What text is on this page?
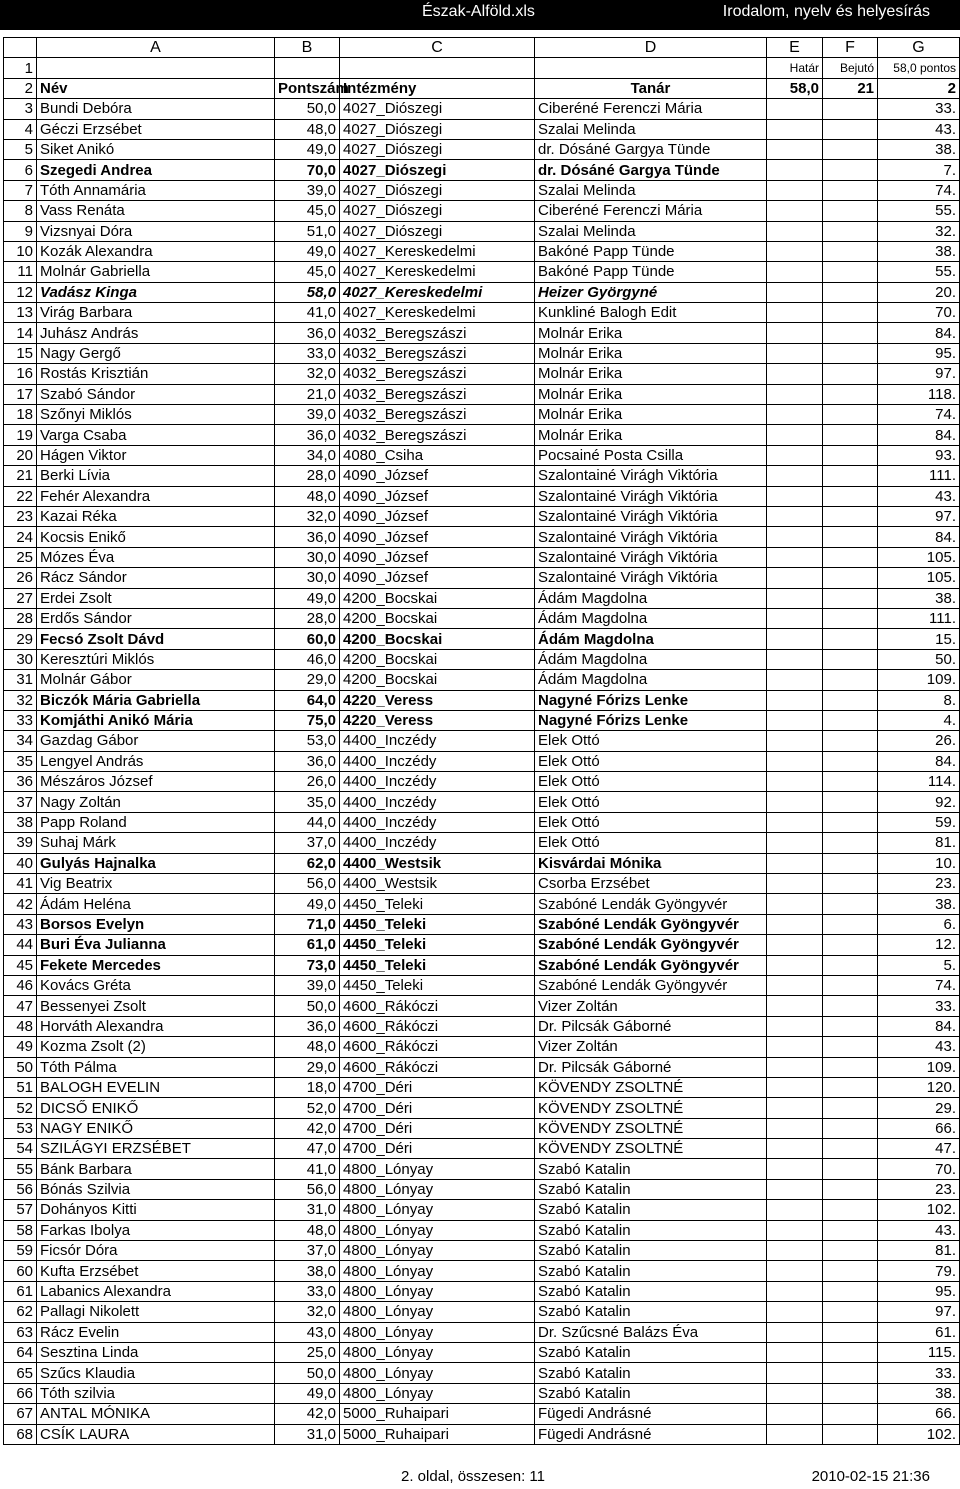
Észak-Alföld.xls	Irodalom, nyelv és helyesírás
	A	B	C	D	E	F	G
1					Határ	Bejutó	58,0 pontos
2	Név	Pontszám	Intézmény	Tanár	58,0	21	2
3	Bundi Debóra	50,0	4027_Diószegi	Ciberéné Ferenczi Mária			33.
4	Géczi Erzsébet	48,0	4027_Diószegi	Szalai Melinda			43.
5	Siket Anikó	49,0	4027_Diószegi	dr. Dósáné Gargya Tünde			38.
6	Szegedi Andrea	70,0	4027_Diószegi	dr. Dósáné Gargya Tünde			7.
7	Tóth Annamária	39,0	4027_Diószegi	Szalai Melinda			74.
8	Vass Renáta	45,0	4027_Diószegi	Ciberéné Ferenczi Mária			55.
9	Vizsnyai Dóra	51,0	4027_Diószegi	Szalai Melinda			32.
10	Kozák Alexandra	49,0	4027_Kereskedelmi	Bakóné Papp Tünde			38.
11	Molnár Gabriella	45,0	4027_Kereskedelmi	Bakóné Papp Tünde			55.
12	Vadász Kinga	58,0	4027_Kereskedelmi	Heizer Györgyné			20.
13	Virág Barbara	41,0	4027_Kereskedelmi	Kunkliné Balogh Edit			70.
14	Juhász András	36,0	4032_Beregszászi	Molnár Erika			84.
15	Nagy Gergő	33,0	4032_Beregszászi	Molnár Erika			95.
16	Rostás Krisztián	32,0	4032_Beregszászi	Molnár Erika			97.
17	Szabó Sándor	21,0	4032_Beregszászi	Molnár Erika			118.
18	Szőnyi Miklós	39,0	4032_Beregszászi	Molnár Erika			74.
19	Varga Csaba	36,0	4032_Beregszászi	Molnár Erika			84.
20	Hágen Viktor	34,0	4080_Csiha	Pocsainé Posta Csilla			93.
21	Berki Lívia	28,0	4090_József	Szalontainé Virágh Viktória			111.
22	Fehér Alexandra	48,0	4090_József	Szalontainé Virágh Viktória			43.
23	Kazai Réka	32,0	4090_József	Szalontainé Virágh Viktória			97.
24	Kocsis Enikő	36,0	4090_József	Szalontainé Virágh Viktória			84.
25	Mózes Éva	30,0	4090_József	Szalontainé Virágh Viktória			105.
26	Rácz Sándor	30,0	4090_József	Szalontainé Virágh Viktória			105.
27	Erdei Zsolt	49,0	4200_Bocskai	Ádám Magdolna			38.
28	Erdős Sándor	28,0	4200_Bocskai	Ádám Magdolna			111.
29	Fecsó Zsolt Dávd	60,0	4200_Bocskai	Ádám Magdolna			15.
30	Keresztúri Miklós	46,0	4200_Bocskai	Ádám Magdolna			50.
31	Molnár Gábor	29,0	4200_Bocskai	Ádám Magdolna			109.
32	Biczók Mária Gabriella	64,0	4220_Veress	Nagyné Fórizs Lenke			8.
33	Komjáthi Anikó Mária	75,0	4220_Veress	Nagyné Fórizs Lenke			4.
34	Gazdag Gábor	53,0	4400_Inczédy	Elek Ottó			26.
35	Lengyel András	36,0	4400_Inczédy	Elek Ottó			84.
36	Mészáros József	26,0	4400_Inczédy	Elek Ottó			114.
37	Nagy Zoltán	35,0	4400_Inczédy	Elek Ottó			92.
38	Papp Roland	44,0	4400_Inczédy	Elek Ottó			59.
39	Suhaj Márk	37,0	4400_Inczédy	Elek Ottó			81.
40	Gulyás Hajnalka	62,0	4400_Westsik	Kisvárdai Mónika			10.
41	Vig Beatrix	56,0	4400_Westsik	Csorba Erzsébet			23.
42	Ádám Heléna	49,0	4450_Teleki	Szabóné Lendák Gyöngyvér			38.
43	Borsos Evelyn	71,0	4450_Teleki	Szabóné Lendák Gyöngyvér			6.
44	Buri Éva Julianna	61,0	4450_Teleki	Szabóné Lendák Gyöngyvér			12.
45	Fekete Mercedes	73,0	4450_Teleki	Szabóné Lendák Gyöngyvér			5.
46	Kovács Gréta	39,0	4450_Teleki	Szabóné Lendák Gyöngyvér			74.
47	Bessenyei Zsolt	50,0	4600_Rákóczi	Vizer Zoltán			33.
48	Horváth Alexandra	36,0	4600_Rákóczi	Dr. Pilcsák Gáborné			84.
49	Kozma Zsolt (2)	48,0	4600_Rákóczi	Vizer Zoltán			43.
50	Tóth Pálma	29,0	4600_Rákóczi	Dr. Pilcsák Gáborné			109.
51	BALOGH EVELIN	18,0	4700_Déri	KÖVENDY ZSOLTNÉ			120.
52	DICSŐ ENIKŐ	52,0	4700_Déri	KÖVENDY ZSOLTNÉ			29.
53	NAGY ENIKŐ	42,0	4700_Déri	KÖVENDY ZSOLTNÉ			66.
54	SZILÁGYI ERZSÉBET	47,0	4700_Déri	KÖVENDY ZSOLTNÉ			47.
55	Bánk Barbara	41,0	4800_Lónyay	Szabó Katalin			70.
56	Bónás Szilvia	56,0	4800_Lónyay	Szabó Katalin			23.
57	Dohányos Kitti	31,0	4800_Lónyay	Szabó Katalin			102.
58	Farkas Ibolya	48,0	4800_Lónyay	Szabó Katalin			43.
59	Ficsór Dóra	37,0	4800_Lónyay	Szabó Katalin			81.
60	Kufta Erzsébet	38,0	4800_Lónyay	Szabó Katalin			79.
61	Labanics Alexandra	33,0	4800_Lónyay	Szabó Katalin			95.
62	Pallagi Nikolett	32,0	4800_Lónyay	Szabó Katalin			97.
63	Rácz Evelin	43,0	4800_Lónyay	Dr. Szűcsné Balázs Éva			61.
64	Sesztina Linda	25,0	4800_Lónyay	Szabó Katalin			115.
65	Szűcs Klaudia	50,0	4800_Lónyay	Szabó Katalin			33.
66	Tóth szilvia	49,0	4800_Lónyay	Szabó Katalin			38.
67	ANTAL MÓNIKA	42,0	5000_Ruhaipari	Fügedi Andrásné			66.
68	CSÍK LAURA	31,0	5000_Ruhaipari	Fügedi Andrásné			102.
2. oldal, összesen: 11	2010-02-15 21:36
